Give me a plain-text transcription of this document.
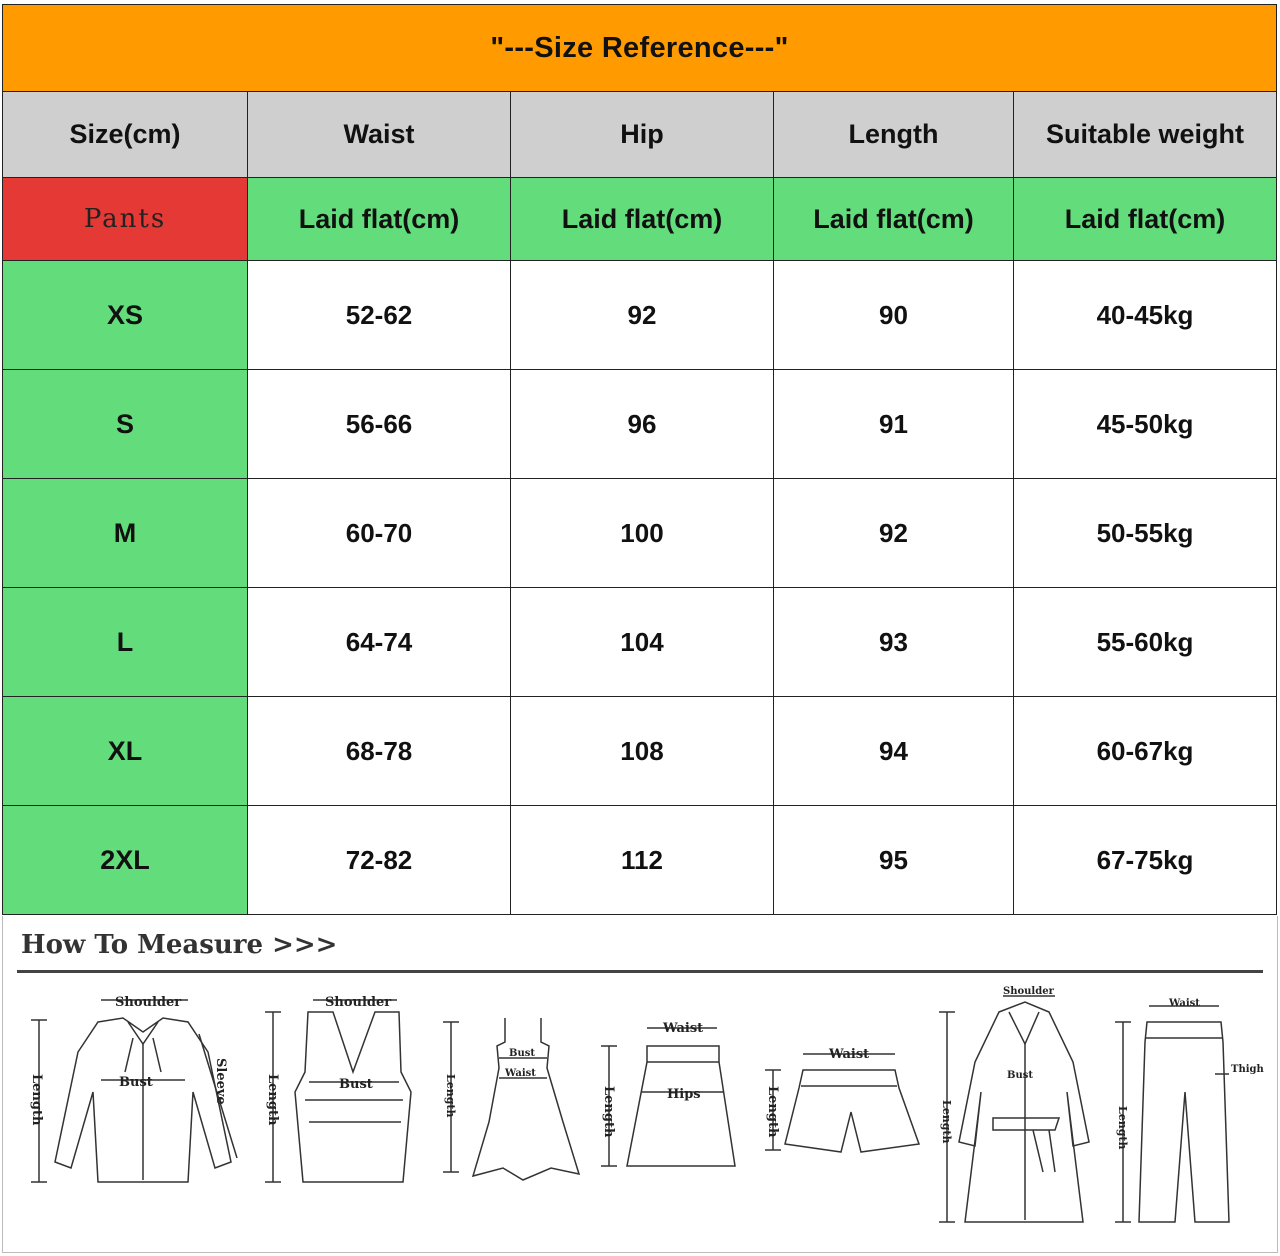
"---Size Reference---"				
Size(cm)	Waist	Hip	Length	Suitable weight
Pants	Laid flat(cm)	Laid flat(cm)	Laid flat(cm)	Laid flat(cm)
XS	52-62	92	90	40-45kg
S	56-66	96	91	45-50kg
M	60-70	100	92	50-55kg
L	64-74	104	93	55-60kg
XL	68-78	108	94	60-67kg
2XL	72-82	112	95	67-75kg
How To Measure >>>
Shoulder
Bust	Sleeve
Length
Shoulder
Bust
Length
Bust
Waist
Length
Waist
Hips
Length
Waist
Length
Shoulder
Bust
Length
Waist
Thigh
Length
